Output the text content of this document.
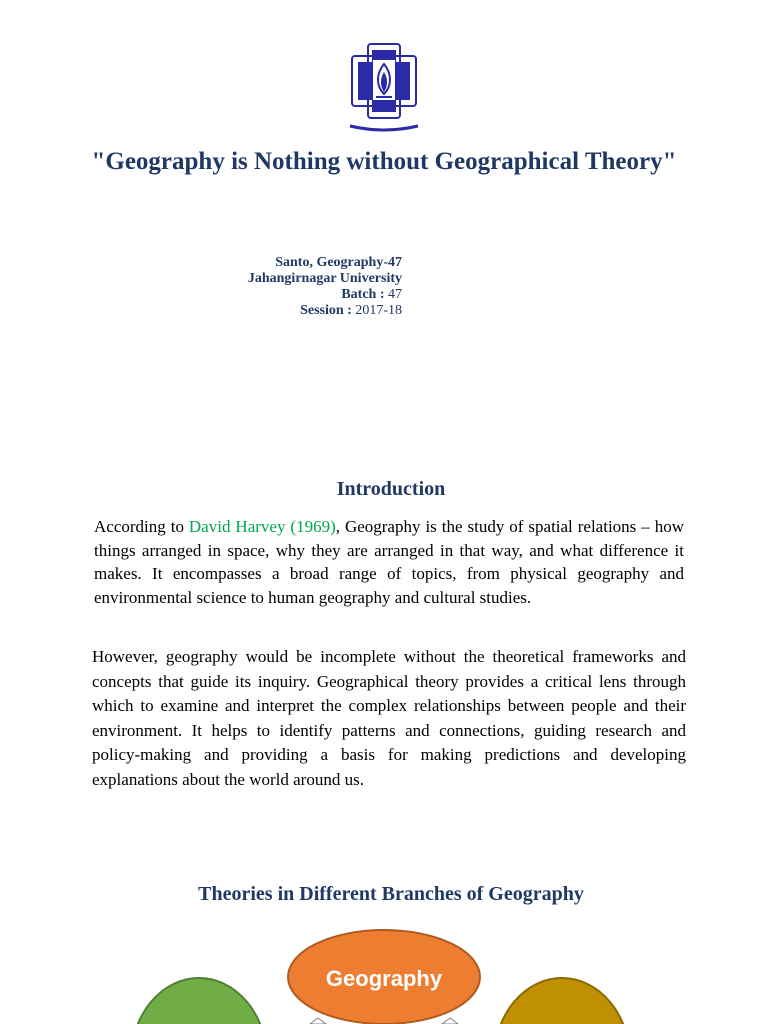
"Geography is Nothing without Geographical Theory"
Santo, Geography-47
Jahangirnagar University
Batch : 47
Session : 2017-18
Introduction

According to David Harvey (1969), Geography is the study of spatial relations – how things arranged in space, why they are arranged in that way, and what difference it makes. It encompasses a broad range of topics, from physical geography and environmental science to human geography and cultural studies.

However, geography would be incomplete without the theoretical frameworks and concepts that guide its inquiry. Geographical theory provides a critical lens through which to examine and interpret the complex relationships between people and their environment. It helps to identify patterns and connections, guiding research and policy-making and providing a basis for making predictions and developing explanations about the world around us.

Theories in Different Branches of Geography
Geography
